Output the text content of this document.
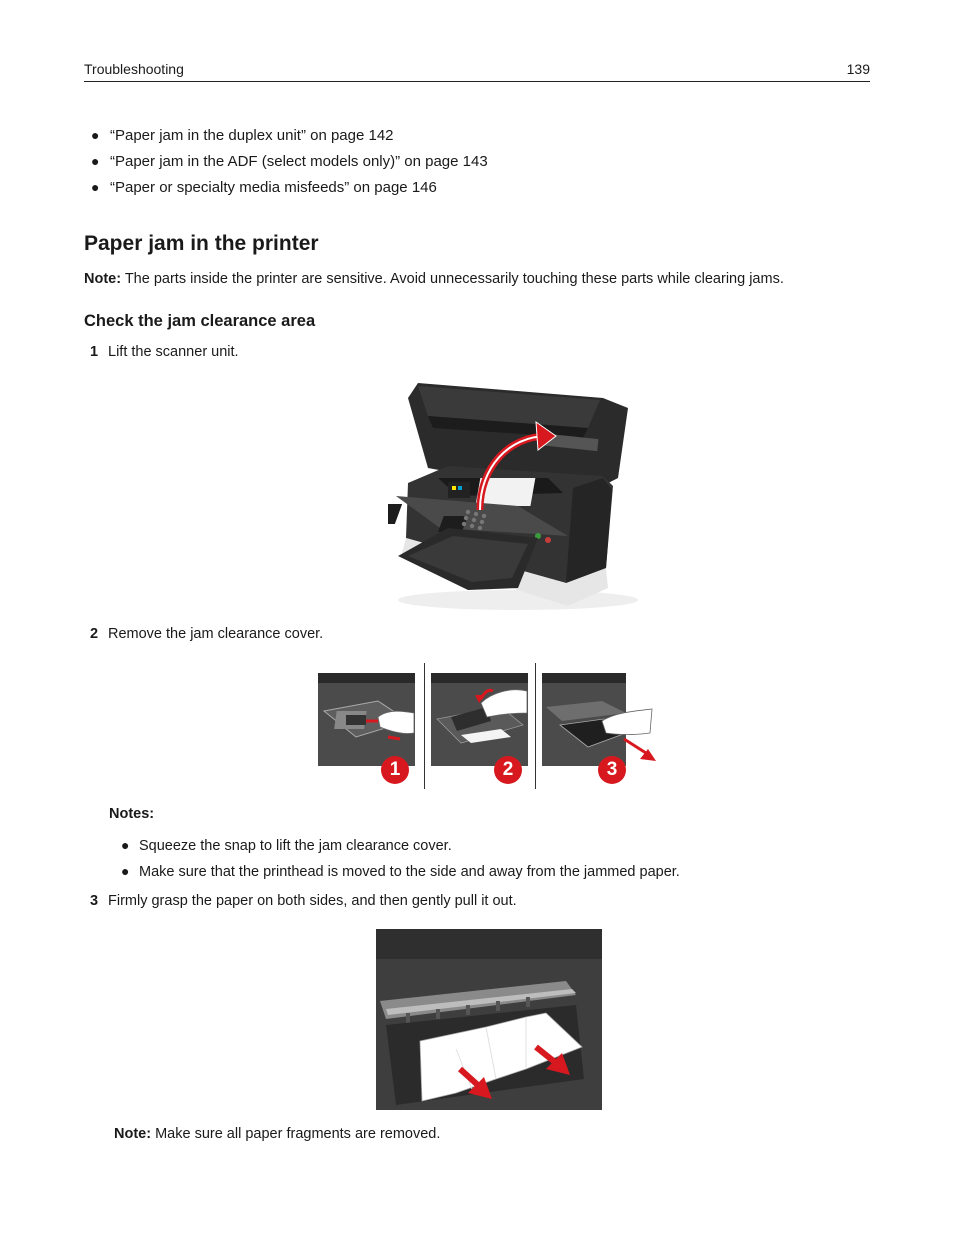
Troubleshooting	139
● “Paper jam in the duplex unit” on page 142
● “Paper jam in the ADF (select models only)” on page 143
● “Paper or specialty media misfeeds” on page 146
Paper jam in the printer
Note: The parts inside the printer are sensitive. Avoid unnecessarily touching these parts while clearing jams.
Check the jam clearance area
1 Lift the scanner unit.
2 Remove the jam clearance cover.
1	2	3
Notes:
● Squeeze the snap to lift the jam clearance cover.
● Make sure that the printhead is moved to the side and away from the jammed paper.
3 Firmly grasp the paper on both sides, and then gently pull it out.
Note: Make sure all paper fragments are removed.
